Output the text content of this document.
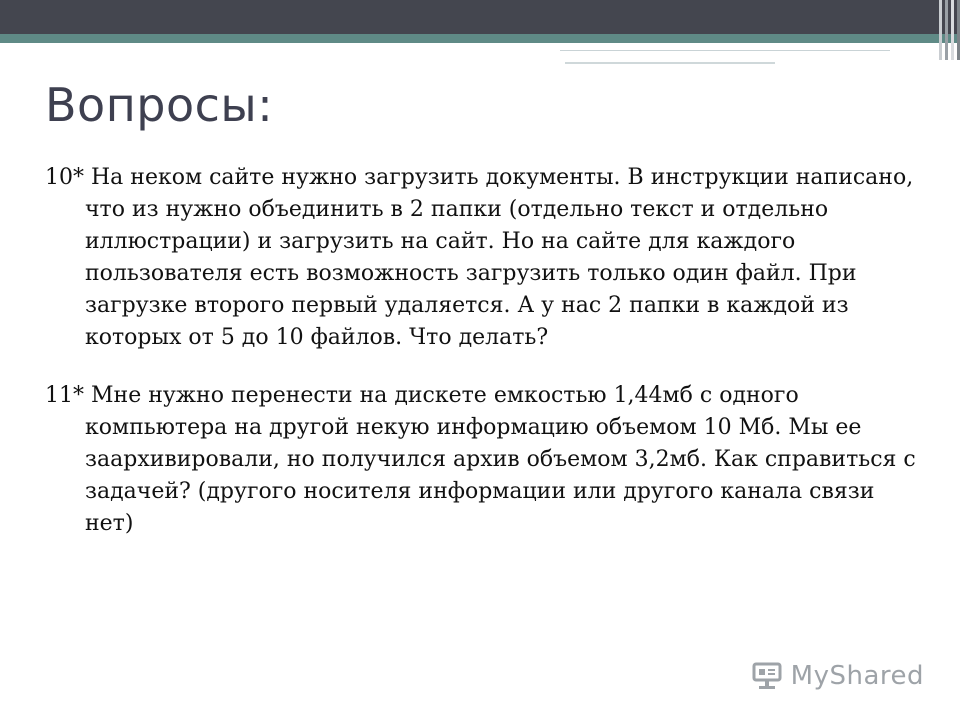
Вопросы:

10* На неком сайте нужно загрузить документы. В инструкции написано, что из нужно объединить в 2 папки (отдельно текст и отдельно иллюстрации) и загрузить на сайт. Но на сайте для каждого пользователя есть возможность загрузить только один файл. При загрузке второго первый удаляется. А у нас 2 папки в каждой из которых от 5 до 10 файлов. Что делать?

11* Мне нужно перенести на дискете емкостью 1,44мб с одного компьютера на другой некую информацию объемом 10 Мб. Мы ее заархивировали, но получился архив объемом 3,2мб. Как справиться с задачей? (другого носителя информации или другого канала связи нет)

MyShared
